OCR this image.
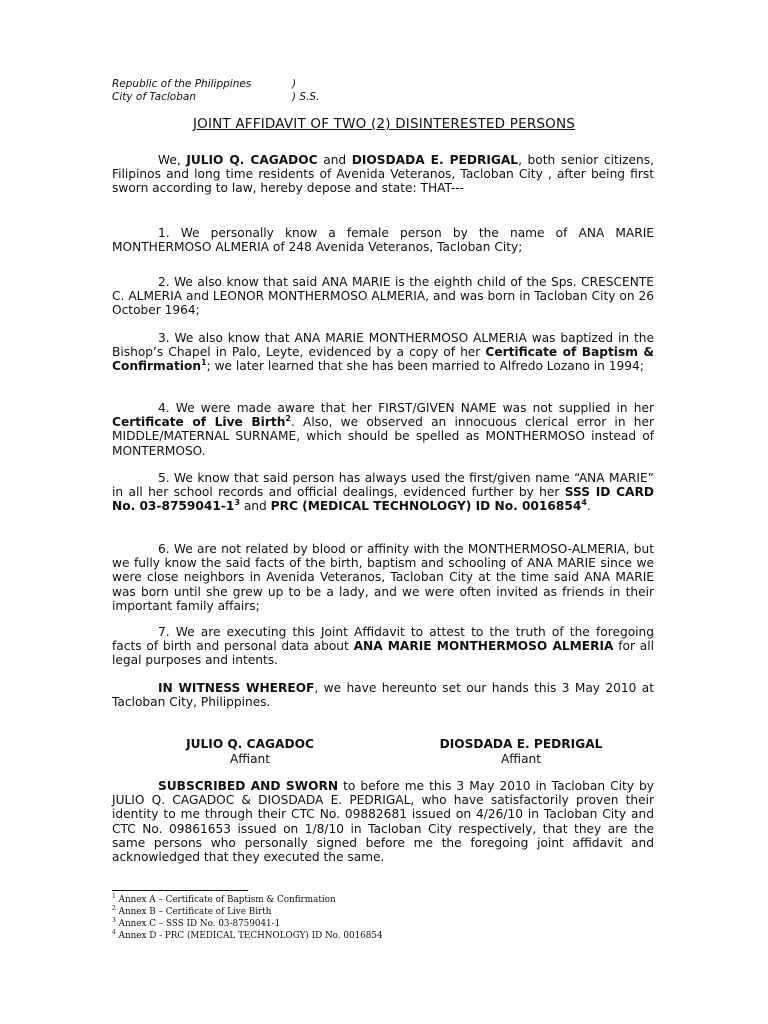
Republic of the Philippines	)
City of Tacloban	) S.S.
JOINT AFFIDAVIT OF TWO (2) DISINTERESTED PERSONS

We, JULIO Q. CAGADOC and DIOSDADA E. PEDRIGAL, both senior citizens, Filipinos and long time residents of Avenida Veteranos, Tacloban City , after being first sworn according to law, hereby depose and state: THAT---

1. We personally know a female person by the name of ANA MARIE MONTHERMOSO ALMERIA of 248 Avenida Veteranos, Tacloban City;

2. We also know that said ANA MARIE is the eighth child of the Sps. CRESCENTE C. ALMERIA and LEONOR MONTHERMOSO ALMERIA, and was born in Tacloban City on 26 October 1964;

3. We also know that ANA MARIE MONTHERMOSO ALMERIA was baptized in the Bishop’s Chapel in Palo, Leyte, evidenced by a copy of her Certificate of Baptism & Confirmation$^1$; we later learned that she has been married to Alfredo Lozano in 1994;

4. We were made aware that her FIRST/GIVEN NAME was not supplied in her Certificate of Live Birth$^2$. Also, we observed an innocuous clerical error in her MIDDLE/MATERNAL SURNAME, which should be spelled as MONTHERMOSO instead of MONTERMOSO.

5. We know that said person has always used the first/given name “ANA MARIE” in all her school records and official dealings, evidenced further by her SSS ID CARD No. $03-8759041-1^3$ and PRC (MEDICAL TECHNOLOGY) ID No. 0016854$^4$.

6. We are not related by blood or affinity with the MONTHERMOSO-ALMERIA, but we fully know the said facts of the birth, baptism and schooling of ANA MARIE since we were close neighbors in Avenida Veteranos, Tacloban City at the time said ANA MARIE was born until she grew up to be a lady, and we were often invited as friends in their important family affairs;

7. We are executing this Joint Affidavit to attest to the truth of the foregoing facts of birth and personal data about ANA MARIE MONTHERMOSO ALMERIA for all legal purposes and intents.

IN WITNESS WHEREOF, we have hereunto set our hands this 3 May 2010 at Tacloban City, Philippines.

JULIO Q. CAGADOC
Affiant
DIOSDADA E. PEDRIGAL
Affiant

SUBSCRIBED AND SWORN to before me this 3 May 2010 in Tacloban City by JULIO Q. CAGADOC & DIOSDADA E. PEDRIGAL, who have satisfactorily proven their identity to me through their CTC No. 09882681 issued on 4/26/10 in Tacloban City and CTC No. 09861653 issued on 1/8/10 in Tacloban City respectively, that they are the same persons who personally signed before me the foregoing joint affidavit and acknowledged that they executed the same.

$^1$ Annex A – Certificate of Baptism & Confirmation
$^2$ Annex B – Certificate of Live Birth
$^3$ Annex C – SSS ID No. 03-8759041-1
$^4$ Annex D - PRC (MEDICAL TECHNOLOGY) ID No. 0016854
